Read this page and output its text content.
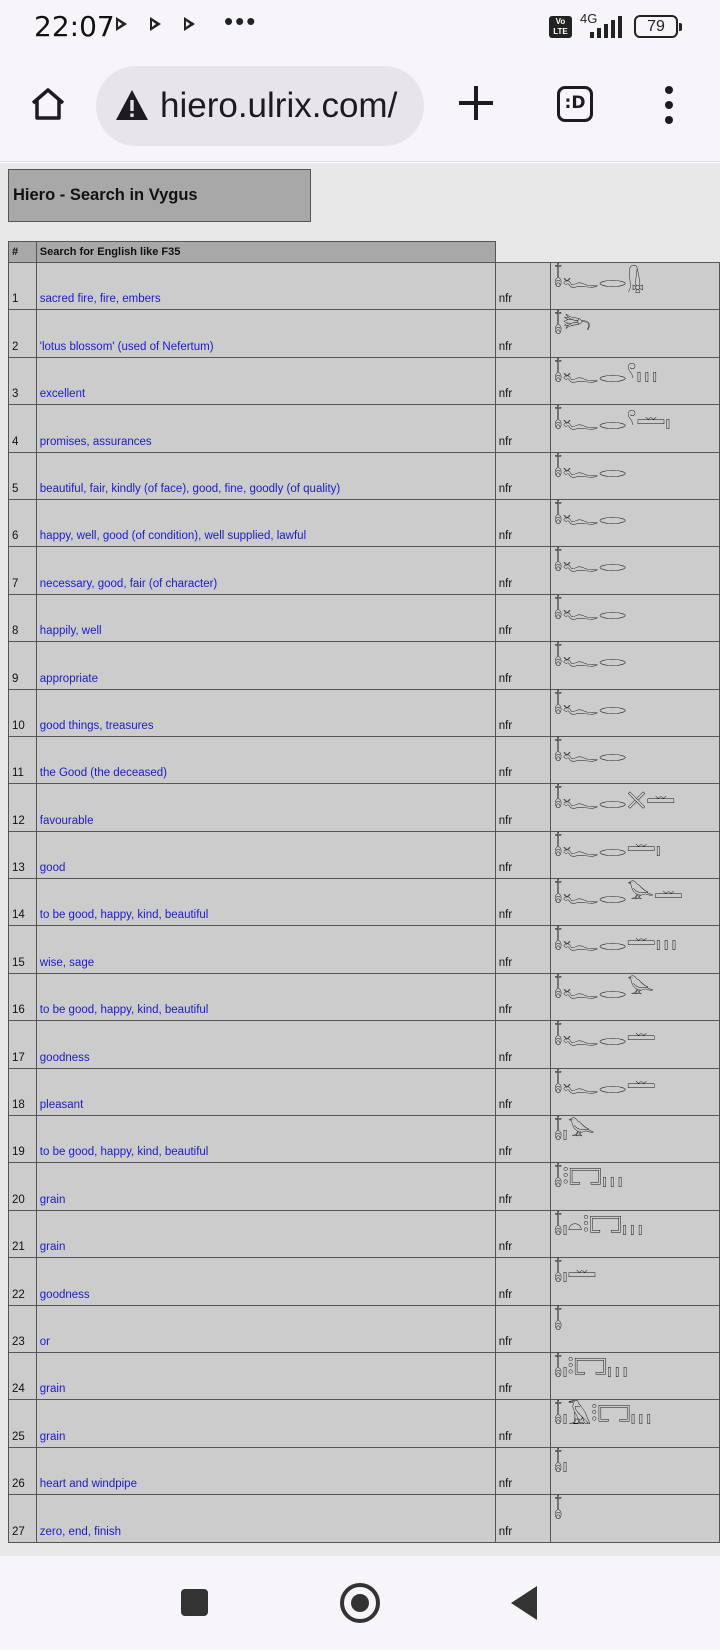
22:07	•••	Vo
LTE
4G	79
hiero.ulrix.com/	:D
Hiero - Search in Vygus
#	Search for English like F35		
1	sacred fire, fire, embers	nfr	𓄤𓆑𓂋𓊮
2	'lotus blossom' (used of Nefertum)	nfr	𓄤𓆸
3	excellent	nfr	𓄤𓆑𓂋𓍢𓏥
4	promises, assurances	nfr	𓄤𓆑𓂋𓍢𓏛𓏤
5	beautiful, fair, kindly (of face), good, fine, goodly (of quality)	nfr	𓄤𓆑𓂋
6	happy, well, good (of condition), well supplied, lawful	nfr	𓄤𓆑𓂋
7	necessary, good, fair (of character)	nfr	𓄤𓆑𓂋
8	happily, well	nfr	𓄤𓆑𓂋
9	appropriate	nfr	𓄤𓆑𓂋
10	good things, treasures	nfr	𓄤𓆑𓂋
11	the Good (the deceased)	nfr	𓄤𓆑𓂋
12	favourable	nfr	𓄤𓆑𓂋𓏴𓏛
13	good	nfr	𓄤𓆑𓂋𓏛𓏤
14	to be good, happy, kind, beautiful	nfr	𓄤𓆑𓂋𓅪𓏛
15	wise, sage	nfr	𓄤𓆑𓂋𓏛𓏥
16	to be good, happy, kind, beautiful	nfr	𓄤𓆑𓂋𓅪
17	goodness	nfr	𓄤𓆑𓂋𓏛
18	pleasant	nfr	𓄤𓆑𓂋𓏛
19	to be good, happy, kind, beautiful	nfr	𓄤𓏤𓅪
20	grain	nfr	𓄤𓏬𓉐𓏥
21	grain	nfr	𓄤𓏤𓏏𓏬𓉐𓏥
22	goodness	nfr	𓄤𓏤𓏛
23	or	nfr	𓄤
24	grain	nfr	𓄤𓏤𓏬𓉐𓏥
25	grain	nfr	𓄤𓏤𓄿𓏬𓉐𓏥
26	heart and windpipe	nfr	𓄤𓏤
27	zero, end, finish	nfr	𓄤
